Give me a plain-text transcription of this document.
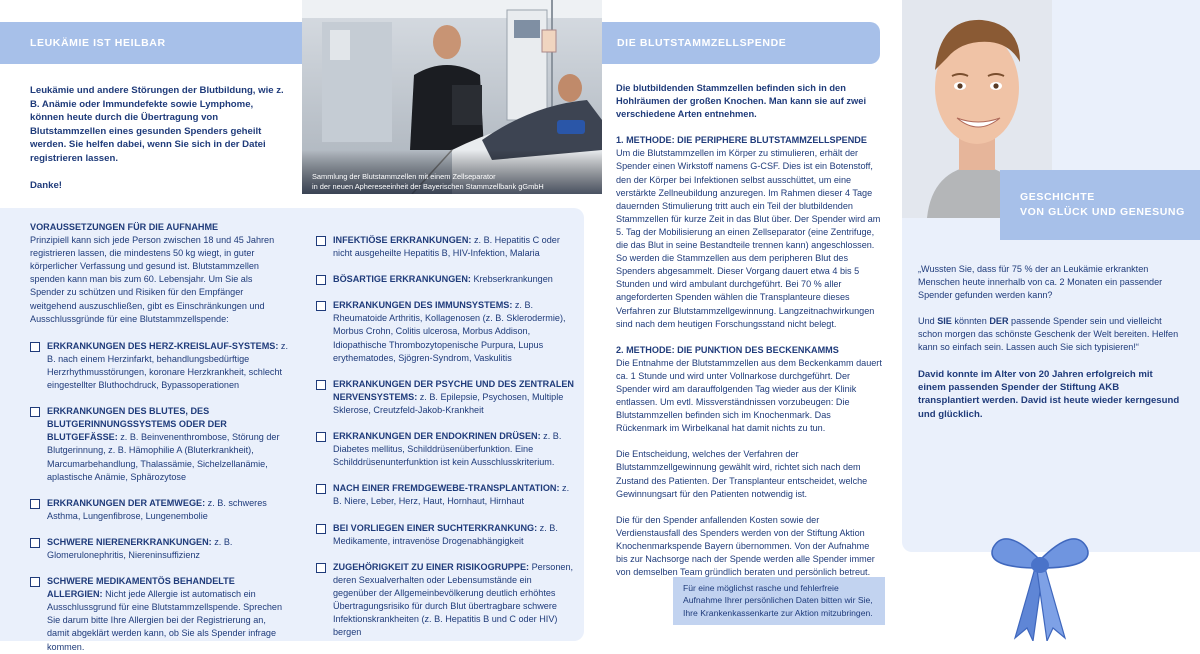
LEUKÄMIE IST HEILBAR

Leukämie und andere Störungen der Blutbildung, wie z. B. Anämie oder Immundefekte sowie Lymphome, können heute durch die Übertragung von Blutstammzellen eines gesunden Spenders geheilt werden. Sie helfen dabei, wenn Sie sich in der Datei registrieren lassen.

Danke!

Sammlung der Blutstammzellen mit einem Zellseparator
in der neuen Apheresееinheit der Bayerischen Stammzellbank gGmbH

VORAUSSETZUNGEN FÜR DIE AUFNAHME

Prinzipiell kann sich jede Person zwischen 18 und 45 Jahren registrieren lassen, die mindestens 50 kg wiegt, in guter körperlicher Verfassung und gesund ist. Blutstammzellen spenden kann man bis zum 60. Lebensjahr. Um Sie als Spender zu schützen und Risiken für den Empfänger weitgehend auszuschließen, gibt es Einschränkungen und Ausschlussgründe für eine Blutstammzellspende:

ERKRANKUNGEN DES HERZ-KREISLAUF-SYSTEMS: z. B. nach einem Herzinfarkt, behandlungsbedürftige Herzrhythmusstörungen, koronare Herzkrankheit, schlecht eingestellter Bluthochdruck, Bypassoperationen
ERKRANKUNGEN DES BLUTES, DES BLUTGERINNUNGSSYSTEMS ODER DER BLUTGEFÄSSE: z. B. Beinvenenthrombose, Störung der Blutgerinnung, z. B. Hämophilie A (Bluterkrankheit), Marcumarbehandlung, Thalassämie, Sichelzellanämie, aplastische Anämie, Sphärozytose
ERKRANKUNGEN DER ATEMWEGE: z. B. schweres Asthma, Lungenfibrose, Lungenembolie
SCHWERE NIERENERKRANKUNGEN: z. B. Glomerulonephritis, Niereninsuffizienz
SCHWERE MEDIKAMENTÖS BEHANDELTE ALLERGIEN: Nicht jede Allergie ist automatisch ein Ausschlussgrund für eine Blutstammzellspende. Sprechen Sie darum bitte Ihre Allergien bei der Registrierung an, damit abgeklärt werden kann, ob Sie als Spender infrage kommen.
INFEKTIÖSE ERKRANKUNGEN: z. B. Hepatitis C oder nicht ausgeheilte Hepatitis B, HIV-Infektion, Malaria
BÖSARTIGE ERKRANKUNGEN: Krebserkrankungen
ERKRANKUNGEN DES IMMUNSYSTEMS: z. B. Rheumatoide Arthritis, Kollagenosen (z. B. Sklerodermie), Morbus Crohn, Colitis ulcerosa, Morbus Addison, Idiopathische Thrombozytopenische Purpura, Lupus erythematodes, Sjögren-Syndrom, Vaskulitis
ERKRANKUNGEN DER PSYCHE UND DES ZENTRALEN NERVENSYSTEMS: z. B. Epilepsie, Psychosen, Multiple Sklerose, Creutzfeld-Jakob-Krankheit
ERKRANKUNGEN DER ENDOKRINEN DRÜSEN: z. B. Diabetes mellitus, Schilddrüsenüberfunktion. Eine Schilddrüsenunterfunktion ist kein Ausschlusskriterium.
NACH EINER FREMDGEWEBE-TRANSPLANTATION: z. B. Niere, Leber, Herz, Haut, Hornhaut, Hirnhaut
BEI VORLIEGEN EINER SUCHTERKRANKUNG: z. B. Medikamente, intravenöse Drogenabhängigkeit
ZUGEHÖRIGKEIT ZU EINER RISIKOGRUPPE: Personen, deren Sexualverhalten oder Lebensumstände ein gegenüber der Allgemeinbevölkerung deutlich erhöhtes Übertragungsrisiko für durch Blut übertragbare schwere Infektionskrankheiten (z. B. Hepatitis B und C oder HIV) bergen
DIE BLUTSTAMMZELLSPENDE

Die blutbildenden Stammzellen befinden sich in den Hohlräumen der großen Knochen. Man kann sie auf zwei verschiedene Arten entnehmen.

1. METHODE: DIE PERIPHERE BLUTSTAMMZELLSPENDE

Um die Blutstammzellen im Körper zu stimulieren, erhält der Spender einen Wirkstoff namens G-CSF. Dies ist ein Botenstoff, den der Körper bei Infektionen selbst ausschüttet, um eine verstärkte Zellneubildung anzuregen. Im Rahmen dieser 4 Tage dauernden Stimulierung tritt auch ein Teil der blutbildenden Stammzellen für kurze Zeit in das Blut über. Der Spender wird am 5. Tag der Mobilisierung an einen Zellseparator (eine Zentrifuge, die das Blut in seine Bestandteile trennen kann) angeschlossen. So werden die Stammzellen aus dem peripheren Blut des Spenders abgesammelt. Dieser Vorgang dauert etwa 4 bis 5 Stunden und wird ambulant durchgeführt. Bei 70 % aller angeforderten Spenden wählen die Transplanteure dieses Verfahren zur Blutstammzellgewinnung. Langzeitnachwirkungen sind nach dem heutigen Forschungsstand nicht belegt.

2. METHODE: DIE PUNKTION DES BECKENKAMMS

Die Entnahme der Blutstammzellen aus dem Beckenkamm dauert ca. 1 Stunde und wird unter Vollnarkose durchgeführt. Der Spender wird am darauffolgenden Tag wieder aus der Klinik entlassen. Um evtl. Missverständnissen vorzubeugen: Die Blutstammzellen befinden sich im Knochenmark. Das Rückenmark im Wirbelkanal hat damit nichts zu tun.

Die Entscheidung, welches der Verfahren der Blutstammzellgewinnung gewählt wird, richtet sich nach dem Zustand des Patienten. Der Transplanteur entscheidet, welche Gewinnungsart für den Patienten notwendig ist.

Die für den Spender anfallenden Kosten sowie der Verdienstausfall des Spenders werden von der Stiftung Aktion Knochenmarkspende Bayern übernommen. Von der Aufnahme bis zur Nachsorge nach der Spende werden alle Spender immer von demselben Team gründlich beraten und persönlich betreut.

Für eine möglichst rasche und fehlerfreie Aufnahme Ihrer persönlichen Daten bitten wir Sie, Ihre Krankenkassenkarte zur Aktion mitzubringen.
GESCHICHTE
VON GLÜCK UND GENESUNG

„Wussten Sie, dass für 75 % der an Leukämie erkrankten Menschen heute innerhalb von ca. 2 Monaten ein passender Spender gefunden werden kann?

Und SIE könnten DER passende Spender sein und vielleicht schon morgen das schönste Geschenk der Welt bereiten. Helfen kann so einfach sein. Lassen auch Sie sich typisieren!“

David konnte im Alter von 20 Jahren erfolgreich mit einem passenden Spender der Stiftung AKB transplantiert werden. David ist heute wieder kerngesund und glücklich.
